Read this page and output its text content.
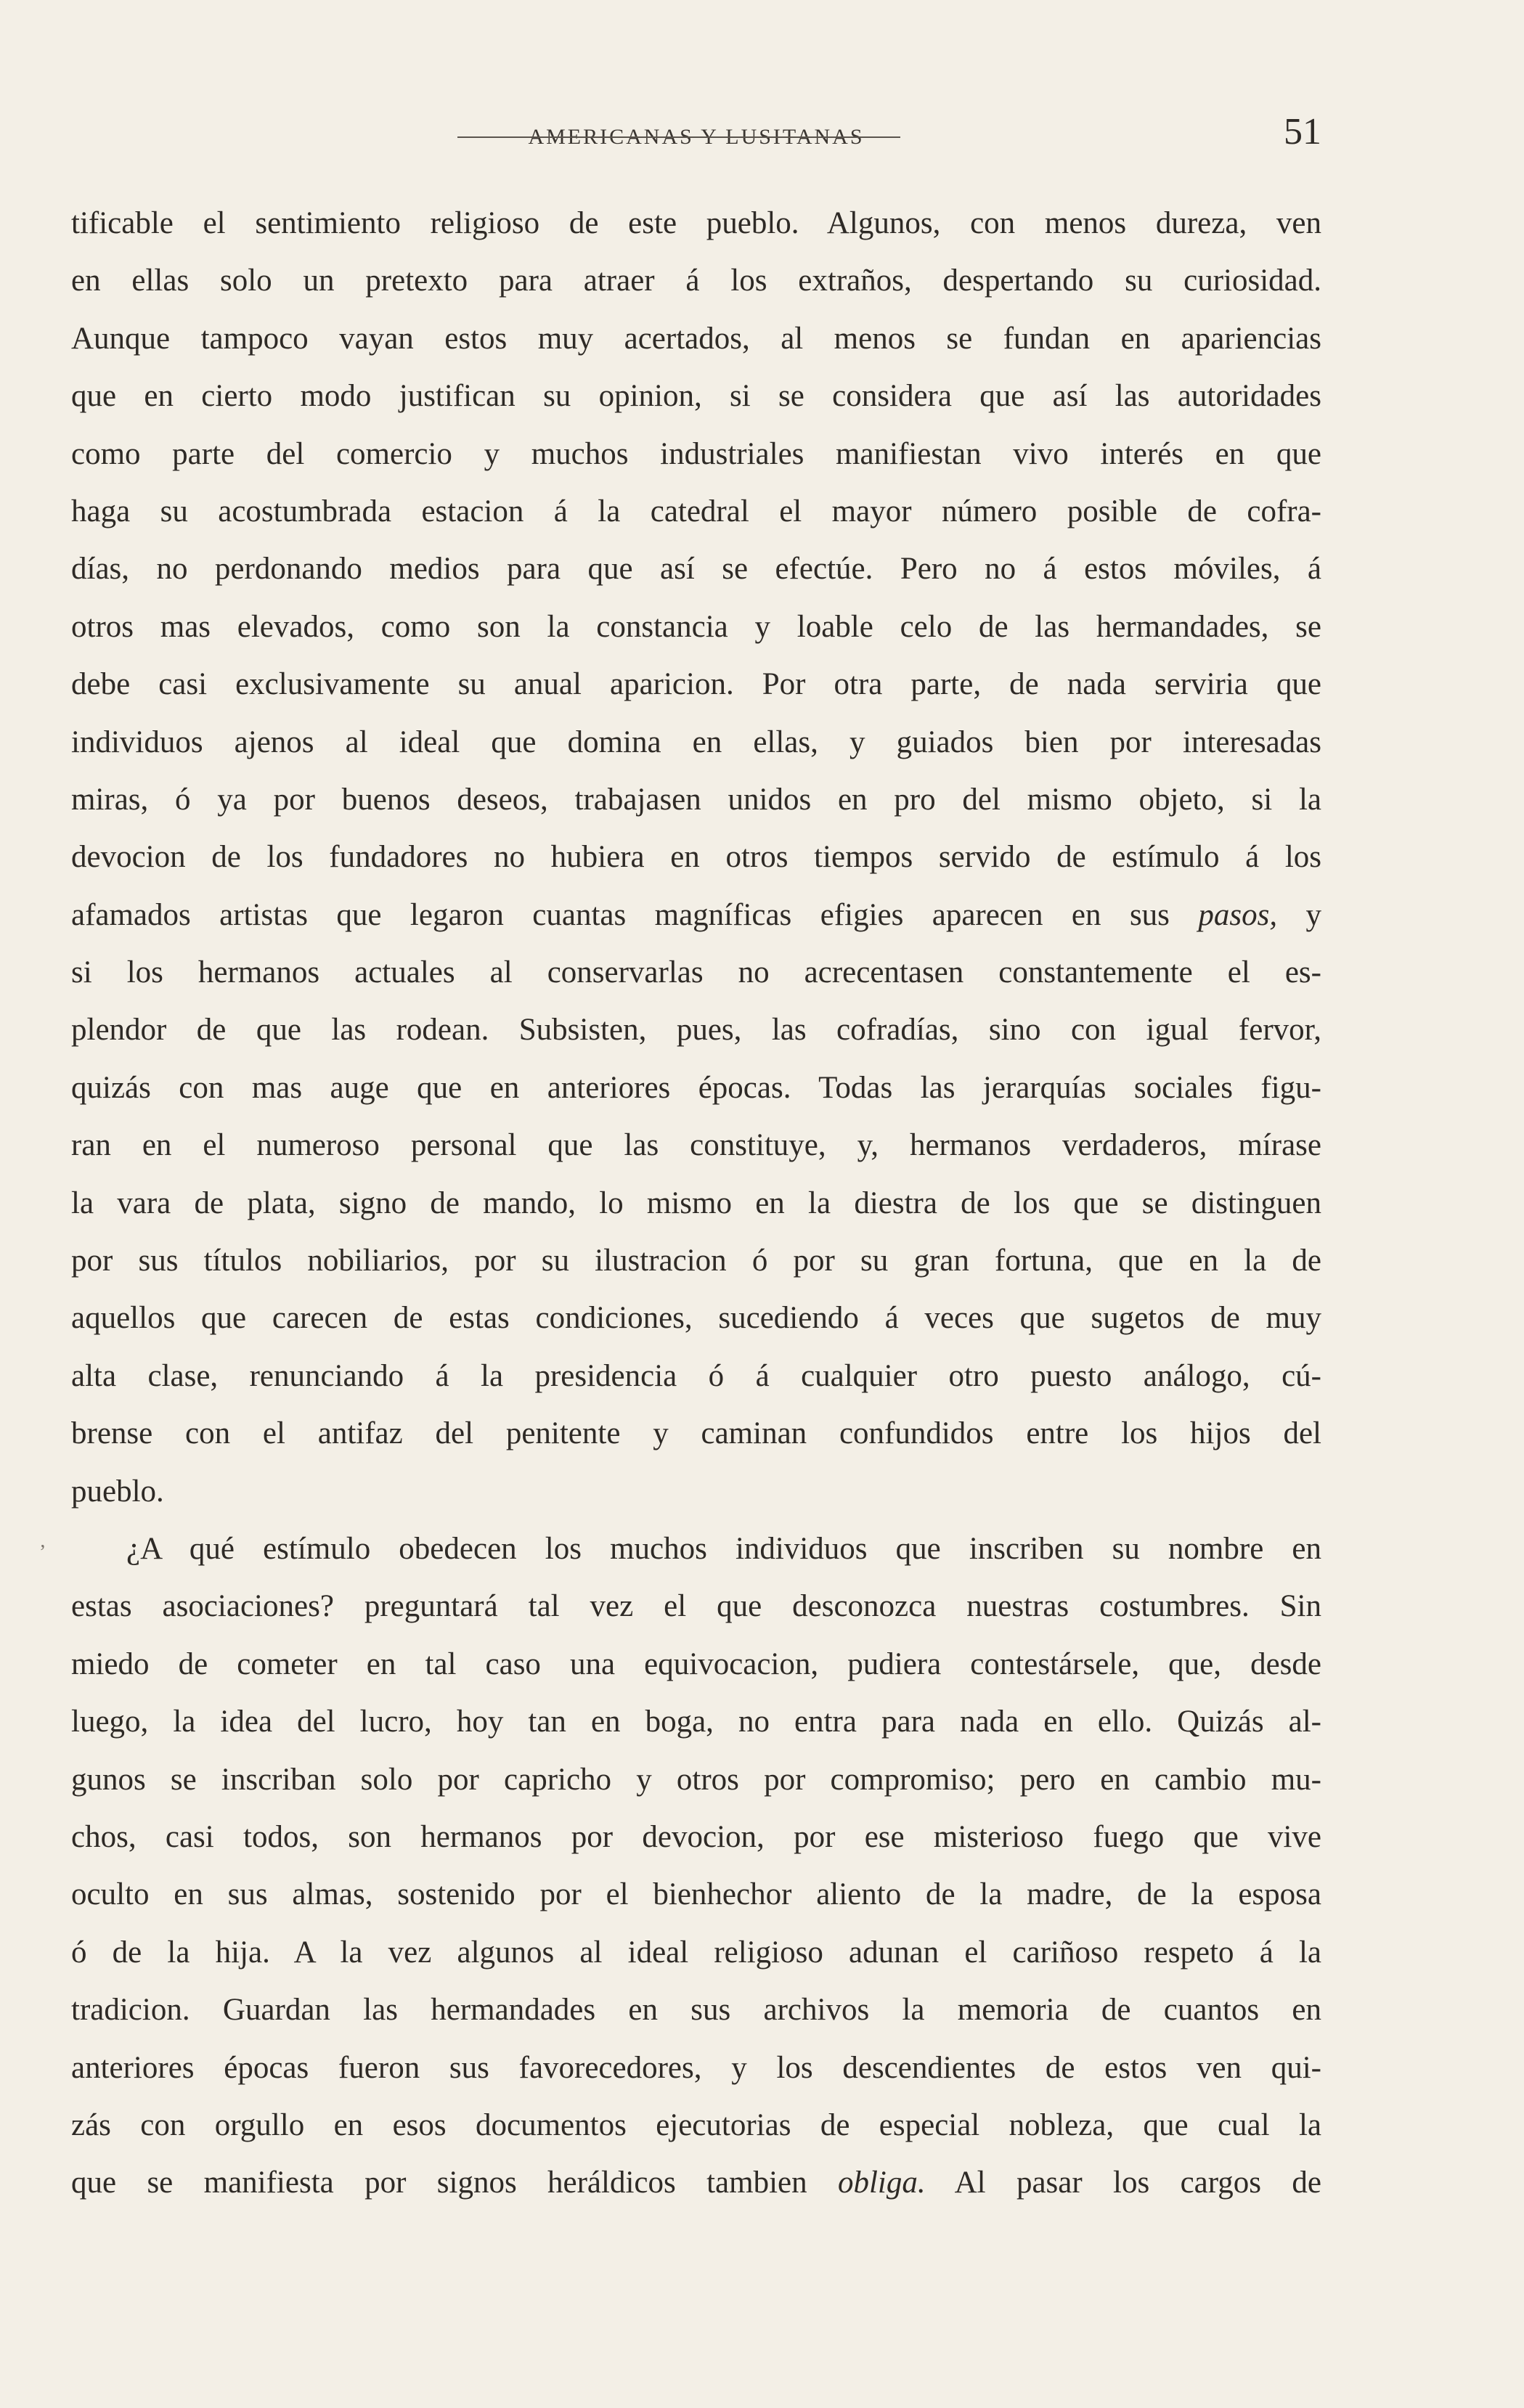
AMERICANAS Y LUSITANAS	51
’
tificable el sentimiento religioso de este pueblo. Algunos, con menos dureza, ven
en ellas solo un pretexto para atraer á los extraños, despertando su curiosidad.
Aunque tampoco vayan estos muy acertados, al menos se fundan en apariencias
que en cierto modo justifican su opinion, si se considera que así las autoridades
como parte del comercio y muchos industriales manifiestan vivo interés en que
haga su acostumbrada estacion á la catedral el mayor número posible de cofra-
días, no perdonando medios para que así se efectúe. Pero no á estos móviles, á
otros mas elevados, como son la constancia y loable celo de las hermandades, se
debe casi exclusivamente su anual aparicion. Por otra parte, de nada serviria que
individuos ajenos al ideal que domina en ellas, y guiados bien por interesadas
miras, ó ya por buenos deseos, trabajasen unidos en pro del mismo objeto, si la
devocion de los fundadores no hubiera en otros tiempos servido de estímulo á los
afamados artistas que legaron cuantas magníficas efigies aparecen en sus pasos, y
si los hermanos actuales al conservarlas no acrecentasen constantemente el es-
plendor de que las rodean. Subsisten, pues, las cofradías, sino con igual fervor,
quizás con mas auge que en anteriores épocas. Todas las jerarquías sociales figu-
ran en el numeroso personal que las constituye, y, hermanos verdaderos, mírase
la vara de plata, signo de mando, lo mismo en la diestra de los que se distinguen
por sus títulos nobiliarios, por su ilustracion ó por su gran fortuna, que en la de
aquellos que carecen de estas condiciones, sucediendo á veces que sugetos de muy
alta clase, renunciando á la presidencia ó á cualquier otro puesto análogo, cú-
brense con el antifaz del penitente y caminan confundidos entre los hijos del
pueblo.
¿A qué estímulo obedecen los muchos individuos que inscriben su nombre en
estas asociaciones? preguntará tal vez el que desconozca nuestras costumbres. Sin
miedo de cometer en tal caso una equivocacion, pudiera contestársele, que, desde
luego, la idea del lucro, hoy tan en boga, no entra para nada en ello. Quizás al-
gunos se inscriban solo por capricho y otros por compromiso; pero en cambio mu-
chos, casi todos, son hermanos por devocion, por ese misterioso fuego que vive
oculto en sus almas, sostenido por el bienhechor aliento de la madre, de la esposa
ó de la hija. A la vez algunos al ideal religioso adunan el cariñoso respeto á la
tradicion. Guardan las hermandades en sus archivos la memoria de cuantos en
anteriores épocas fueron sus favorecedores, y los descendientes de estos ven qui-
zás con orgullo en esos documentos ejecutorias de especial nobleza, que cual la
que se manifiesta por signos heráldicos tambien obliga. Al pasar los cargos de
